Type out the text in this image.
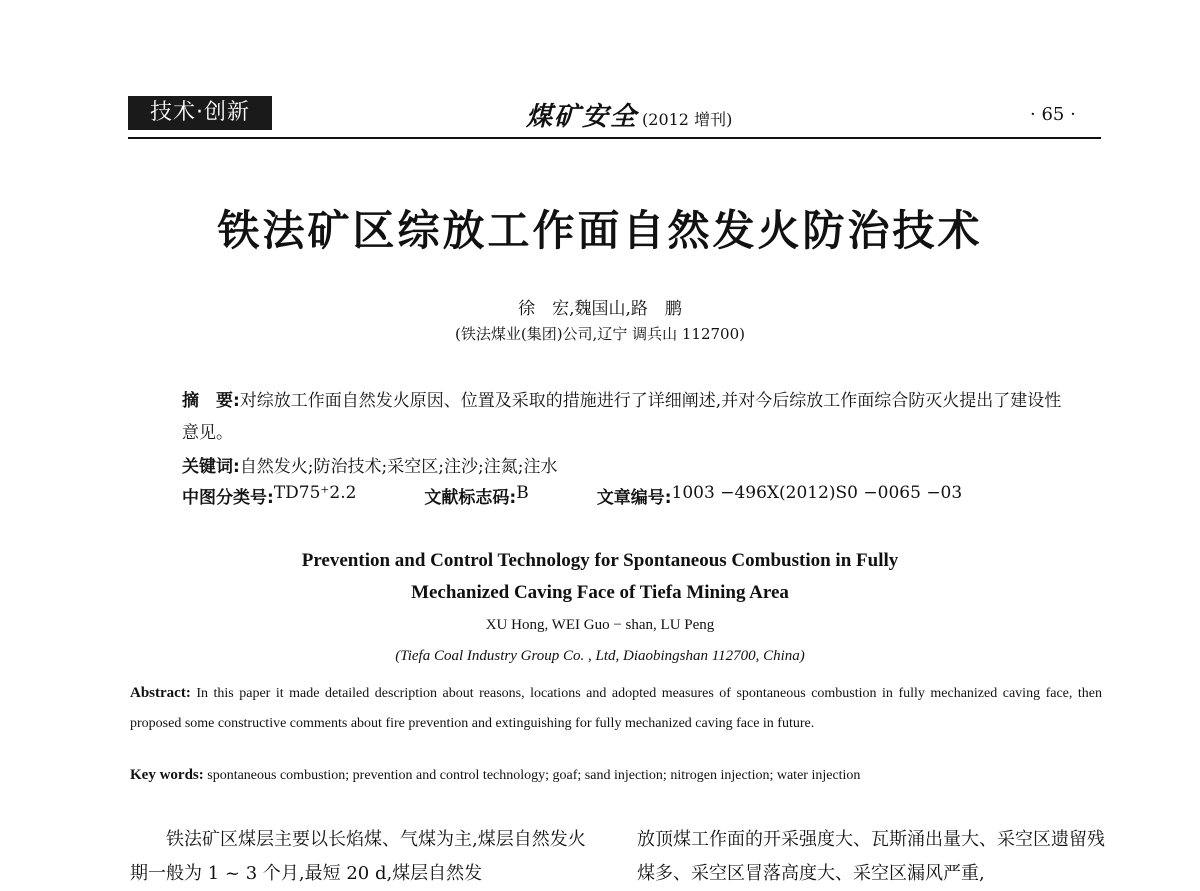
技术·创新	煤矿安全 (2012 增刊)	· 65 ·
铁法矿区综放工作面自然发火防治技术
徐　宏,魏国山,路　鹏
(铁法煤业(集团)公司,辽宁 调兵山 112700)
摘　要:对综放工作面自然发火原因、位置及采取的措施进行了详细阐述,并对今后综放工作面综合防灭火提出了建设性意见。
关键词:自然发火;防治技术;采空区;注沙;注氮;注水
中图分类号: TD75⁺2.2	文献标志码: B	文章编号: 1003 −496X(2012)S0 −0065 −03
Prevention and Control Technology for Spontaneous Combustion in Fully
Mechanized Caving Face of Tiefa Mining Area
XU Hong, WEI Guo − shan, LU Peng
(Tiefa Coal Industry Group Co. , Ltd, Diaobingshan 112700, China)
Abstract: In this paper it made detailed description about reasons, locations and adopted measures of spontaneous combustion in fully mechanized caving face, then proposed some constructive comments about fire prevention and extinguishing for fully mechanized caving face in future.
Key words: spontaneous combustion; prevention and control technology; goaf; sand injection; nitrogen injection; water injection
铁法矿区煤层主要以长焰煤、气煤为主,煤层自然发火期一般为 1 ~ 3 个月,最短 20 d,煤层自然发
放顶煤工作面的开采强度大、瓦斯涌出量大、采空区遗留残煤多、采空区冒落高度大、采空区漏风严重,
